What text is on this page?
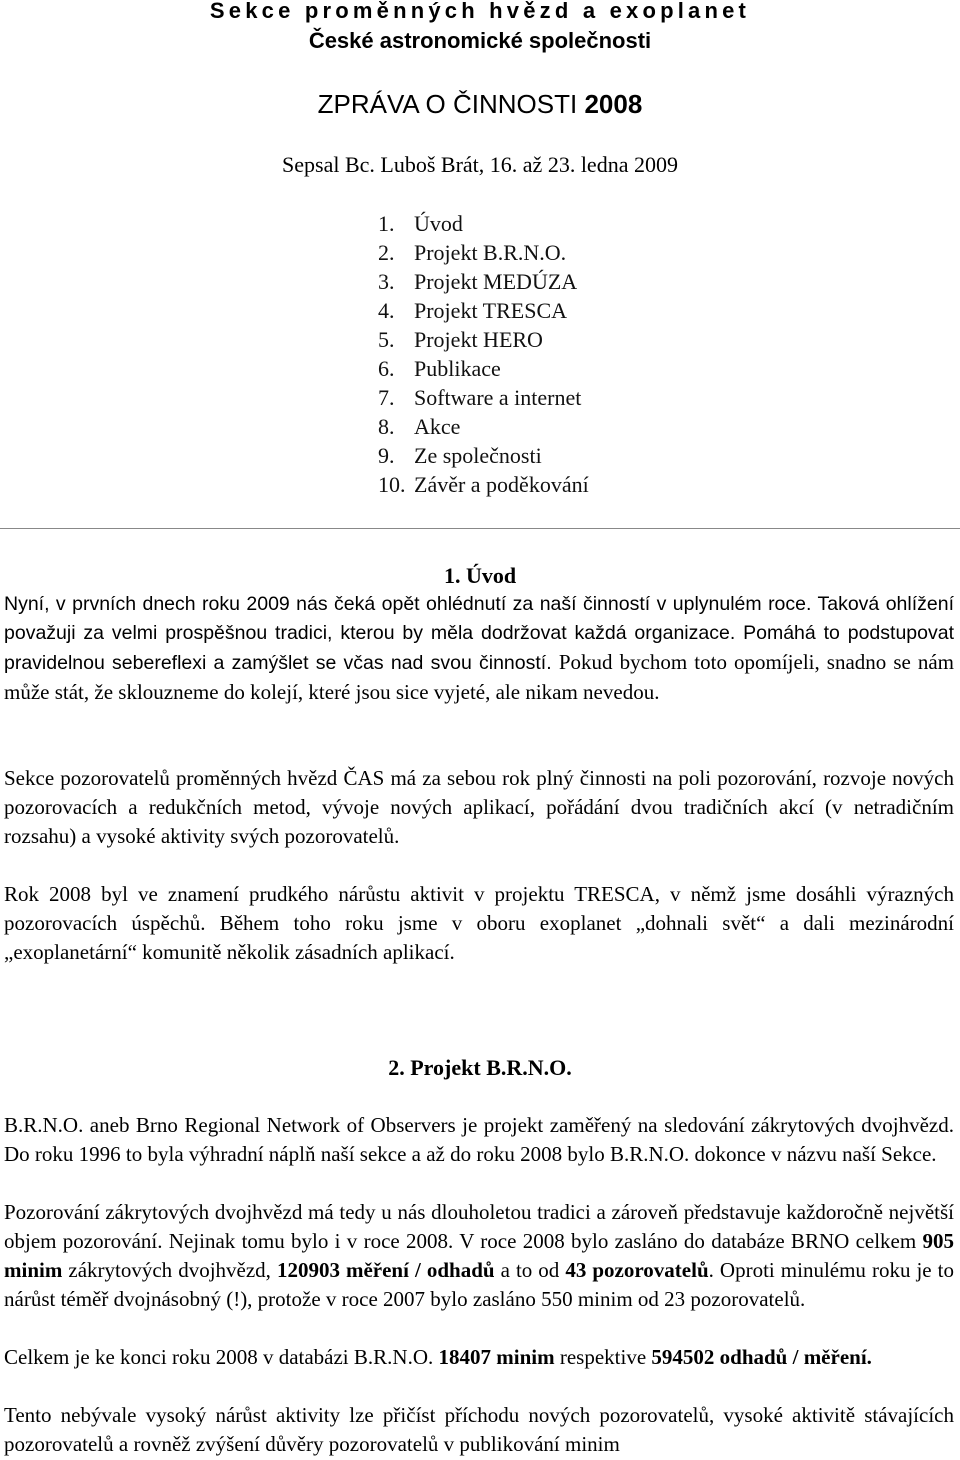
Sekce proměnných hvězd a exoplanet
České astronomické společnosti
ZPRÁVA O ČINNOSTI 2008
Sepsal Bc. Luboš Brát, 16. až 23. ledna 2009
1. Úvod
2. Projekt B.R.N.O.
3. Projekt MEDÚZA
4. Projekt TRESCA
5. Projekt HERO
6. Publikace
7. Software a internet
8. Akce
9. Ze společnosti
10. Závěr a poděkování
1. Úvod

Nyní, v prvních dnech roku 2009 nás čeká opět ohlédnutí za naší činností v uplynulém roce. Taková ohlížení považuji za velmi prospěšnou tradici, kterou by měla dodržovat každá organizace. Pomáhá to podstupovat pravidelnou sebereflexi a zamýšlet se včas nad svou činností. Pokud bychom toto opomíjeli, snadno se nám může stát, že sklouzneme do kolejí, které jsou sice vyjeté, ale nikam nevedou.

Sekce pozorovatelů proměnných hvězd ČAS má za sebou rok plný činnosti na poli pozorování, rozvoje nových pozorovacích a redukčních metod, vývoje nových aplikací, pořádání dvou tradičních akcí (v netradičním rozsahu) a vysoké aktivity svých pozorovatelů.

Rok 2008 byl ve znamení prudkého nárůstu aktivit v projektu TRESCA, v němž jsme dosáhli výrazných pozorovacích úspěchů. Během toho roku jsme v oboru exoplanet „dohnali svět“ a dali mezinárodní „exoplanetární“ komunitě několik zásadních aplikací.

2. Projekt B.R.N.O.

B.R.N.O. aneb Brno Regional Network of Observers je projekt zaměřený na sledování zákrytových dvojhvězd. Do roku 1996 to byla výhradní náplň naší sekce a až do roku 2008 bylo B.R.N.O. dokonce v názvu naší Sekce.

Pozorování zákrytových dvojhvězd má tedy u nás dlouholetou tradici a zároveň představuje každoročně největší objem pozorování. Nejinak tomu bylo i v roce 2008. V roce 2008 bylo zasláno do databáze BRNO celkem 905 minim zákrytových dvojhvězd, 120903 měření / odhadů a to od 43 pozorovatelů. Oproti minulému roku je to nárůst téměř dvojnásobný (!), protože v roce 2007 bylo zasláno 550 minim od 23 pozorovatelů.

Celkem je ke konci roku 2008 v databázi B.R.N.O. 18407 minim respektive 594502 odhadů / měření.

Tento nebývale vysoký nárůst aktivity lze přičíst příchodu nových pozorovatelů, vysoké aktivitě stávajících pozorovatelů a rovněž zvýšení důvěry pozorovatelů v publikování minim
